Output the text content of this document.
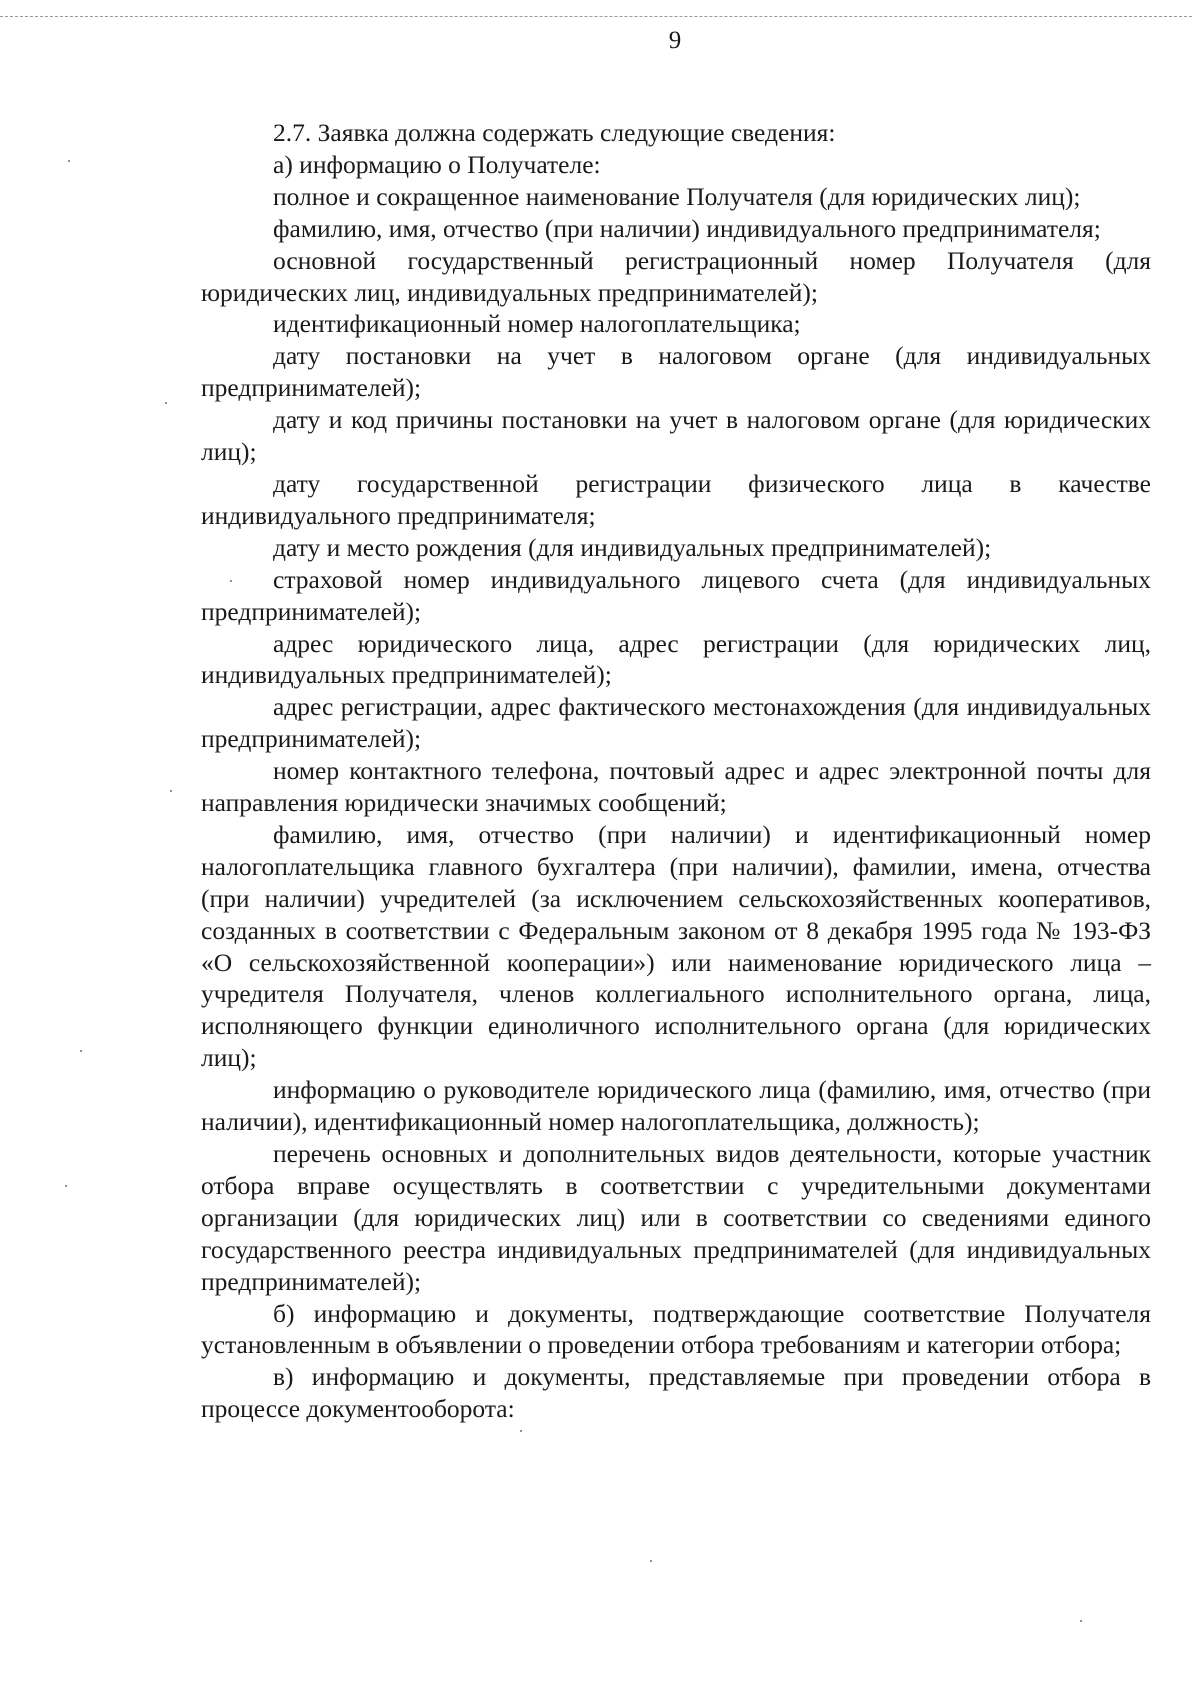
9

2.7. Заявка должна содержать следующие сведения:

а) информацию о Получателе:

полное и сокращенное наименование Получателя (для юридических лиц);

фамилию, имя, отчество (при наличии) индивидуального предпринимателя;

основной государственный регистрационный номер Получателя (для юридических лиц, индивидуальных предпринимателей);

идентификационный номер налогоплательщика;

дату постановки на учет в налоговом органе (для индивидуальных предпринимателей);

дату и код причины постановки на учет в налоговом органе (для юридических лиц);

дату государственной регистрации физического лица в качестве индивидуального предпринимателя;

дату и место рождения (для индивидуальных предпринимателей);

страховой номер индивидуального лицевого счета (для индивидуальных предпринимателей);

адрес юридического лица, адрес регистрации (для юридических лиц, индивидуальных предпринимателей);

адрес регистрации, адрес фактического местонахождения (для индивидуальных предпринимателей);

номер контактного телефона, почтовый адрес и адрес электронной почты для направления юридически значимых сообщений;

фамилию, имя, отчество (при наличии) и идентификационный номер налогоплательщика главного бухгалтера (при наличии), фамилии, имена, отчества (при наличии) учредителей (за исключением сельскохозяйственных кооперативов, созданных в соответствии с Федеральным законом от 8 декабря 1995 года № 193-ФЗ «О сельскохозяйственной кооперации») или наименование юридического лица – учредителя Получателя, членов коллегиального исполнительного органа, лица, исполняющего функции единоличного исполнительного органа (для юридических лиц);

информацию о руководителе юридического лица (фамилию, имя, отчество (при наличии), идентификационный номер налогоплательщика, должность);

перечень основных и дополнительных видов деятельности, которые участник отбора вправе осуществлять в соответствии с учредительными документами организации (для юридических лиц) или в соответствии со сведениями единого государственного реестра индивидуальных предпринимателей (для индивидуальных предпринимателей);

б) информацию и документы, подтверждающие соответствие Получателя установленным в объявлении о проведении отбора требованиям и категории отбора;

в) информацию и документы, представляемые при проведении отбора в процессе документооборота:
